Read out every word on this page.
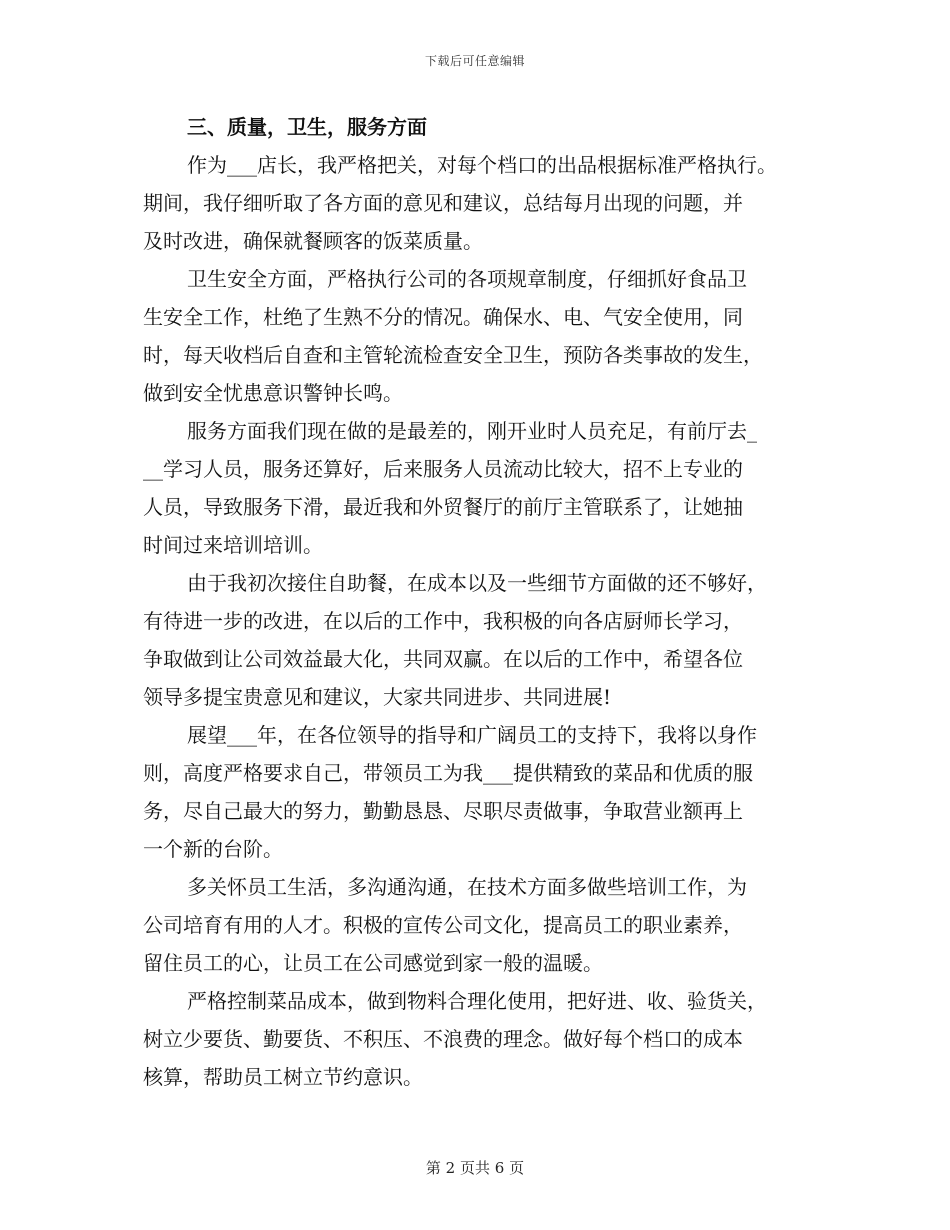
下载后可任意编辑
三、质量，卫生，服务方面
作为___店长，我严格把关，对每个档口的出品根据标准严格执行。
期间，我仔细听取了各方面的意见和建议，总结每月出现的问题，并
及时改进，确保就餐顾客的饭菜质量。
卫生安全方面，严格执行公司的各项规章制度，仔细抓好食品卫
生安全工作，杜绝了生熟不分的情况。确保水、电、气安全使用，同
时，每天收档后自查和主管轮流检查安全卫生，预防各类事故的发生，
做到安全忧患意识警钟长鸣。
服务方面我们现在做的是最差的，刚开业时人员充足，有前厅去_
__学习人员，服务还算好，后来服务人员流动比较大，招不上专业的
人员，导致服务下滑，最近我和外贸餐厅的前厅主管联系了，让她抽
时间过来培训培训。
由于我初次接住自助餐，在成本以及一些细节方面做的还不够好，
有待进一步的改进，在以后的工作中，我积极的向各店厨师长学习，
争取做到让公司效益最大化，共同双赢。在以后的工作中，希望各位
领导多提宝贵意见和建议，大家共同进步、共同进展!
展望___年，在各位领导的指导和广阔员工的支持下，我将以身作
则，高度严格要求自己，带领员工为我___提供精致的菜品和优质的服
务，尽自己最大的努力，勤勤恳恳、尽职尽责做事，争取营业额再上
一个新的台阶。
多关怀员工生活，多沟通沟通，在技术方面多做些培训工作，为
公司培育有用的人才。积极的宣传公司文化，提高员工的职业素养，
留住员工的心，让员工在公司感觉到家一般的温暖。
严格控制菜品成本，做到物料合理化使用，把好进、收、验货关，
树立少要货、勤要货、不积压、不浪费的理念。做好每个档口的成本
核算，帮助员工树立节约意识。
第 2 页共 6 页
